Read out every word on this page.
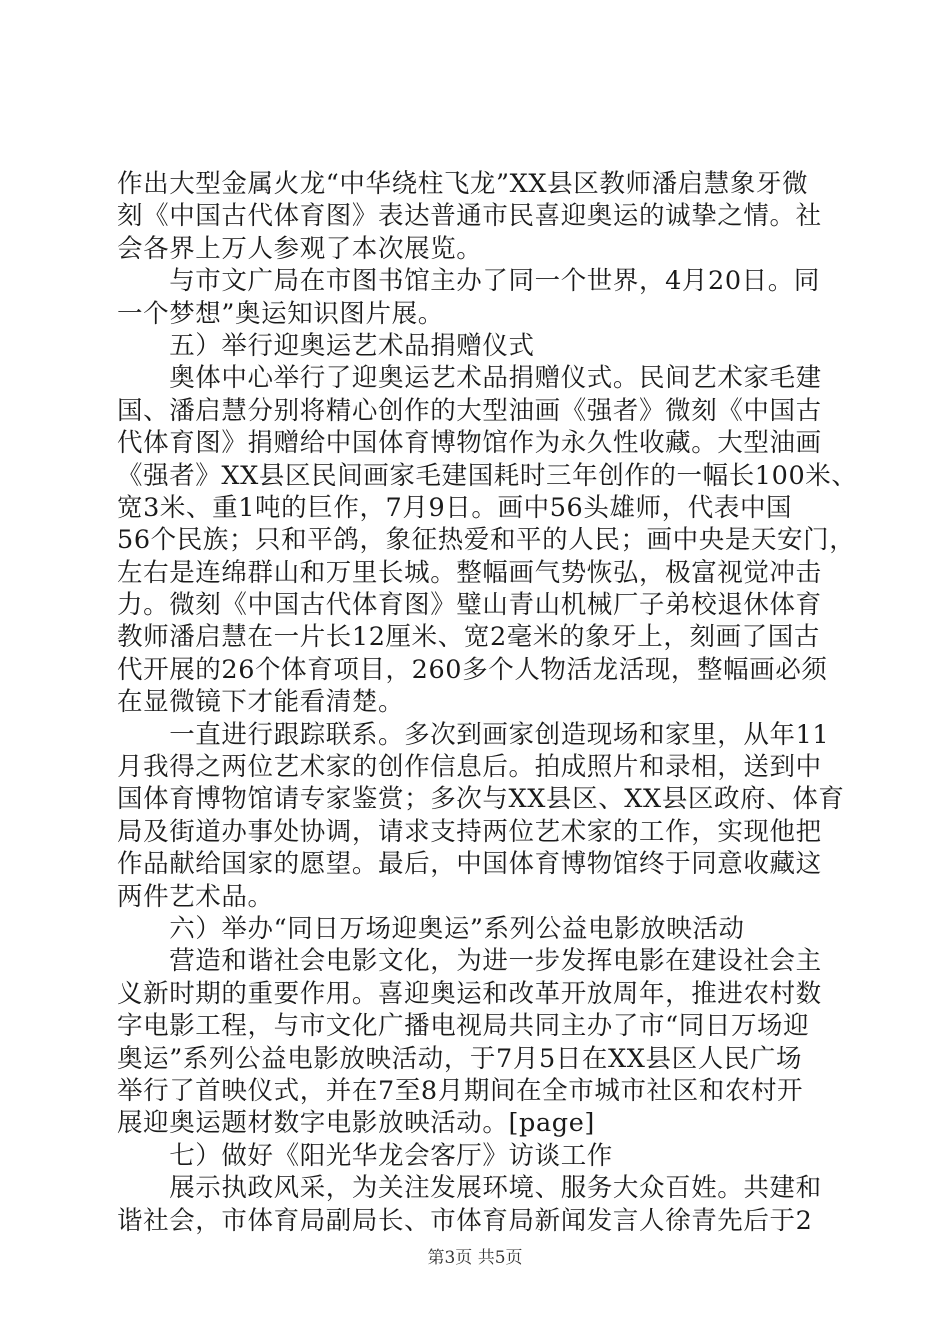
作出大型金属火龙“中华绕柱飞龙”XX县区教师潘启慧象牙微
刻《中国古代体育图》表达普通市民喜迎奥运的诚挚之情。社
会各界上万人参观了本次展览。
　　与市文广局在市图书馆主办了同一个世界，4月20日。同
一个梦想”奥运知识图片展。
　　五）举行迎奥运艺术品捐赠仪式
　　奥体中心举行了迎奥运艺术品捐赠仪式。民间艺术家毛建
国、潘启慧分别将精心创作的大型油画《强者》微刻《中国古
代体育图》捐赠给中国体育博物馆作为永久性收藏。大型油画
《强者》XX县区民间画家毛建国耗时三年创作的一幅长100米、
宽3米、重1吨的巨作，7月9日。画中56头雄师，代表中国
56个民族；只和平鸽，象征热爱和平的人民；画中央是天安门，
左右是连绵群山和万里长城。整幅画气势恢弘，极富视觉冲击
力。微刻《中国古代体育图》璧山青山机械厂子弟校退休体育
教师潘启慧在一片长12厘米、宽2毫米的象牙上，刻画了国古
代开展的26个体育项目，260多个人物活龙活现，整幅画必须
在显微镜下才能看清楚。
　　一直进行跟踪联系。多次到画家创造现场和家里，从年11
月我得之两位艺术家的创作信息后。拍成照片和录相，送到中
国体育博物馆请专家鉴赏；多次与XX县区、XX县区政府、体育
局及街道办事处协调，请求支持两位艺术家的工作，实现他把
作品献给国家的愿望。最后，中国体育博物馆终于同意收藏这
两件艺术品。
　　六）举办“同日万场迎奥运”系列公益电影放映活动
　　营造和谐社会电影文化，为进一步发挥电影在建设社会主
义新时期的重要作用。喜迎奥运和改革开放周年，推进农村数
字电影工程，与市文化广播电视局共同主办了市“同日万场迎
奥运”系列公益电影放映活动，于7月5日在XX县区人民广场
举行了首映仪式，并在7至8月期间在全市城市社区和农村开
展迎奥运题材数字电影放映活动。[page]
　　七）做好《阳光华龙会客厅》访谈工作
　　展示执政风采，为关注发展环境、服务大众百姓。共建和
谐社会，市体育局副局长、市体育局新闻发言人徐青先后于2
第3页 共5页
